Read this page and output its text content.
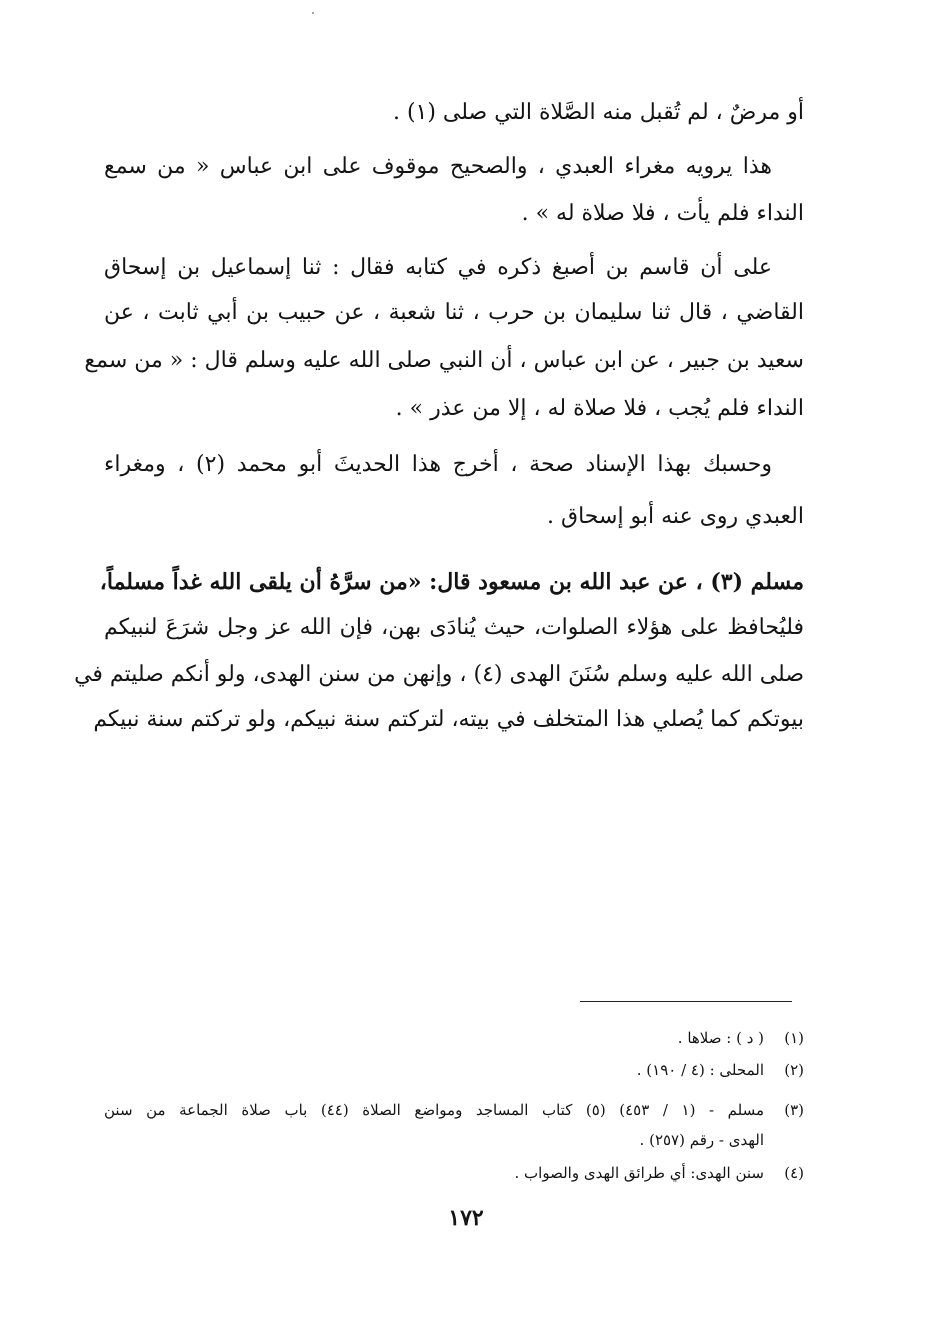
أو مرضٌ ، لم تُقبل منه الصَّلاة التي صلى (١) .
هذا يرويه مغراء العبدي ، والصحيح موقوف على ابن عباس « من سمع
النداء فلم يأت ، فلا صلاة له » .
على أن قاسم بن أصبغ ذكره في كتابه فقال : ثنا إسماعيل بن إسحاق
القاضي ، قال ثنا سليمان بن حرب ، ثنا شعبة ، عن حبيب بن أبي ثابت ، عن
سعيد بن جبير ، عن ابن عباس ، أن النبي صلى الله عليه وسلم قال : « من سمع
النداء فلم يُجب ، فلا صلاة له ، إلا من عذر » .
وحسبك بهذا الإسناد صحة ، أخرج هذا الحديثَ أبو محمد (٢) ، ومغراء
العبدي روى عنه أبو إسحاق .
مسلم (٣) ، عن عبد الله بن مسعود قال: «من سرَّهُ أن يلقى الله غداً مسلماً،
فليُحافظ على هؤلاء الصلوات، حيث يُنادَى بهن، فإن الله عز وجل شرَعَ لنبيكم
صلى الله عليه وسلم سُنَنَ الهدى (٤) ، وإنهن من سنن الهدى، ولو أنكم صليتم في
بيوتكم كما يُصلي هذا المتخلف في بيته، لتركتم سنة نبيكم، ولو تركتم سنة نبيكم
(١)( د ) : صلاها .
(٢)المحلى : (٤ / ١٩٠) .
(٣)مسلم - (١ / ٤٥٣) (٥) كتاب المساجد ومواضع الصلاة (٤٤) باب صلاة الجماعة من سنن
الهدى - رقم (٢٥٧) .
(٤)سنن الهدى: أي طرائق الهدى والصواب .
١٧٢
